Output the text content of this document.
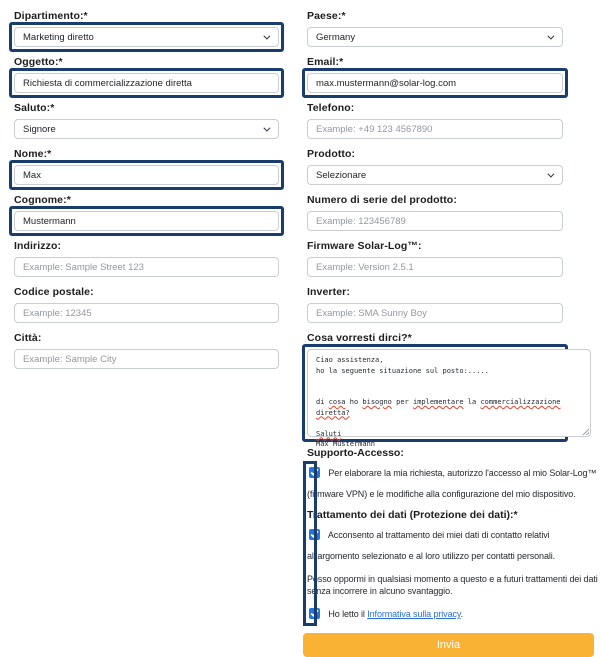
Dipartimento:*
Marketing diretto
Oggetto:*
Richiesta di commercializzazione diretta
Saluto:*
Signore
Nome:*
Max
Cognome:*
Mustermann
Indirizzo:
Example: Sample Street 123
Codice postale:
Example: 12345
Città:
Example: Sample City
Paese:*
Germany
Email:*
max.mustermann@solar-log.com
Telefono:
Example: +49 123 4567890
Prodotto:
Selezionare
Numero di serie del prodotto:
Example: 123456789
Firmware Solar-Log™:
Example: Version 2.5.1
Inverter:
Example: SMA Sunny Boy
Cosa vorresti dirci?*
Ciao assistenza,
ho la seguente situazione sul posto:.....

di cosa ho bisogno per implementare la commercializzazione diretta?

Saluti
Max Mustermann

Supporto-Accesso:
Per elaborare la mia richiesta, autorizzo l'accesso al mio Solar-Log™ (firmware VPN) e le modifiche alla configurazione del mio dispositivo.
Trattamento dei dati (Protezione dei dati):*
Acconsento al trattamento dei miei dati di contatto relativi all'argomento selezionato e al loro utilizzo per contatti personali.

Posso oppormi in qualsiasi momento a questo e a futuri trattamenti dei dati senza incorrere in alcuno svantaggio.

Ho letto il Informativa sulla privacy.
Invia
